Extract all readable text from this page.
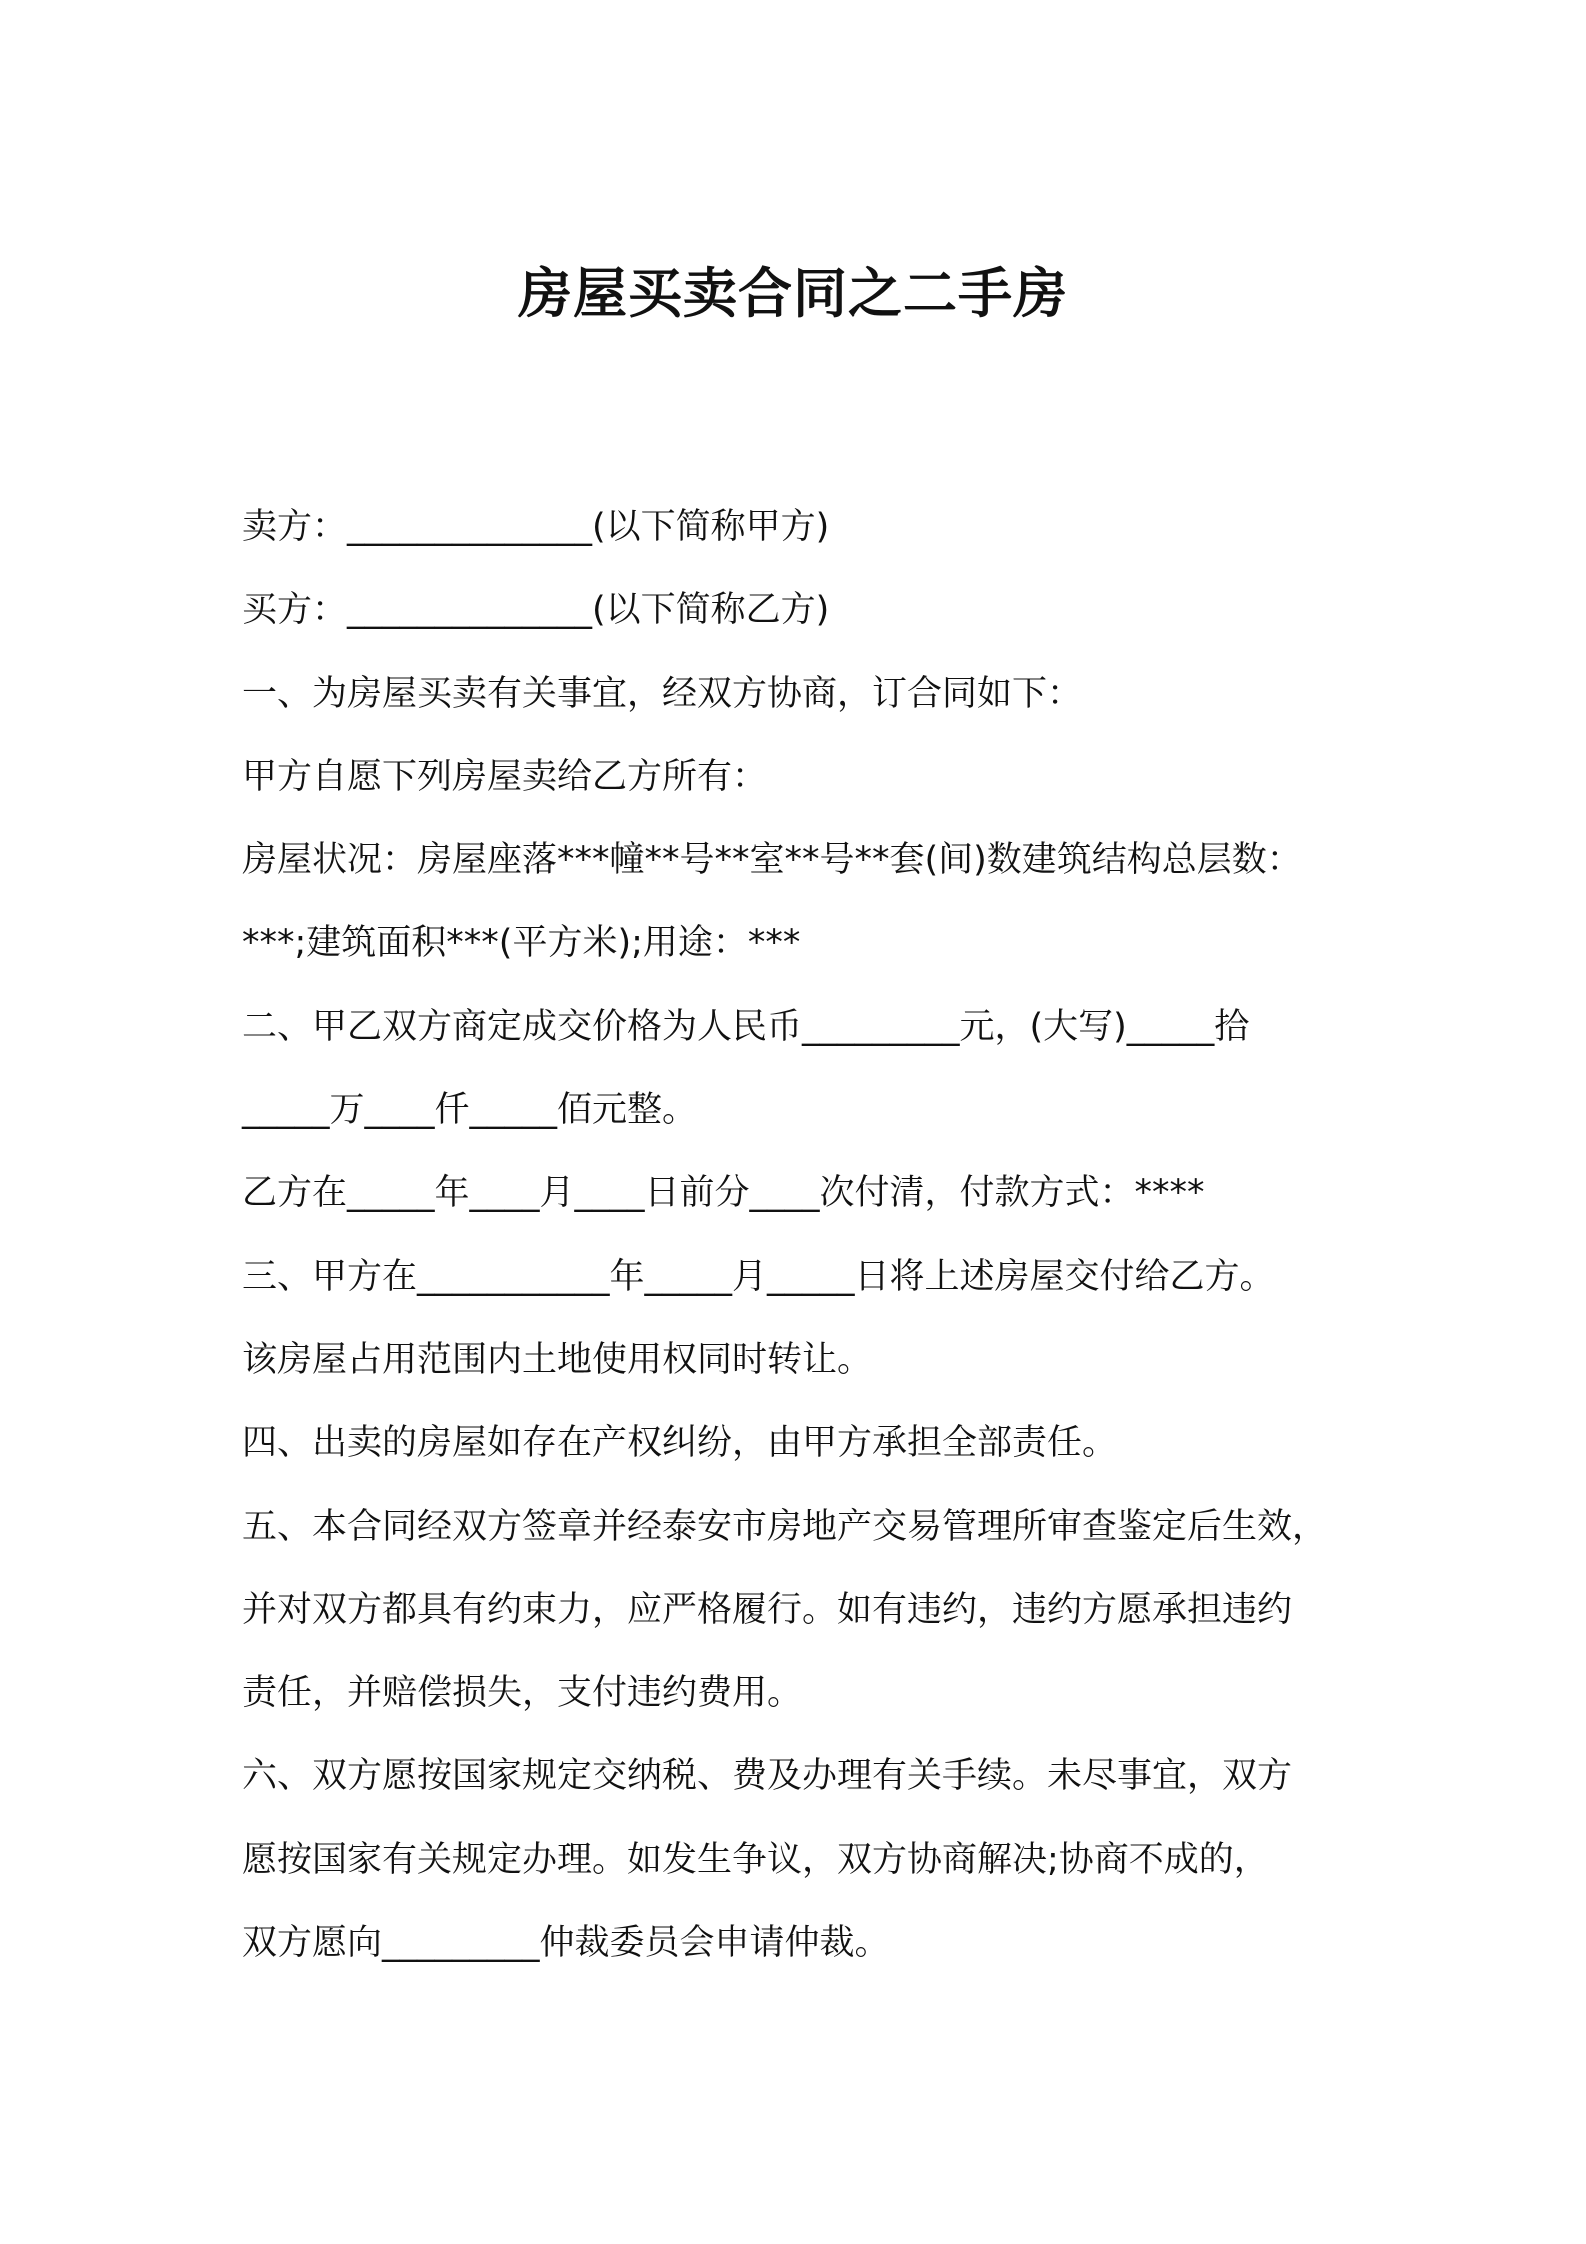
房屋买卖合同之二手房

卖方：______________(以下简称甲方)

买方：______________(以下简称乙方)

一、为房屋买卖有关事宜，经双方协商，订合同如下：

甲方自愿下列房屋卖给乙方所有：

房屋状况：房屋座落***幢**号**室**号**套(间)数建筑结构总层数：

***;建筑面积***(平方米);用途：***

二、甲乙双方商定成交价格为人民币_________元，(大写)_____拾

_____万____仟_____佰元整。

乙方在_____年____月____日前分____次付清，付款方式：****

三、甲方在___________年_____月_____日将上述房屋交付给乙方。

该房屋占用范围内土地使用权同时转让。

四、出卖的房屋如存在产权纠纷，由甲方承担全部责任。

五、本合同经双方签章并经泰安市房地产交易管理所审查鉴定后生效，

并对双方都具有约束力，应严格履行。如有违约，违约方愿承担违约

责任，并赔偿损失，支付违约费用。

六、双方愿按国家规定交纳税、费及办理有关手续。未尽事宜，双方

愿按国家有关规定办理。如发生争议，双方协商解决;协商不成的，

双方愿向_________仲裁委员会申请仲裁。
